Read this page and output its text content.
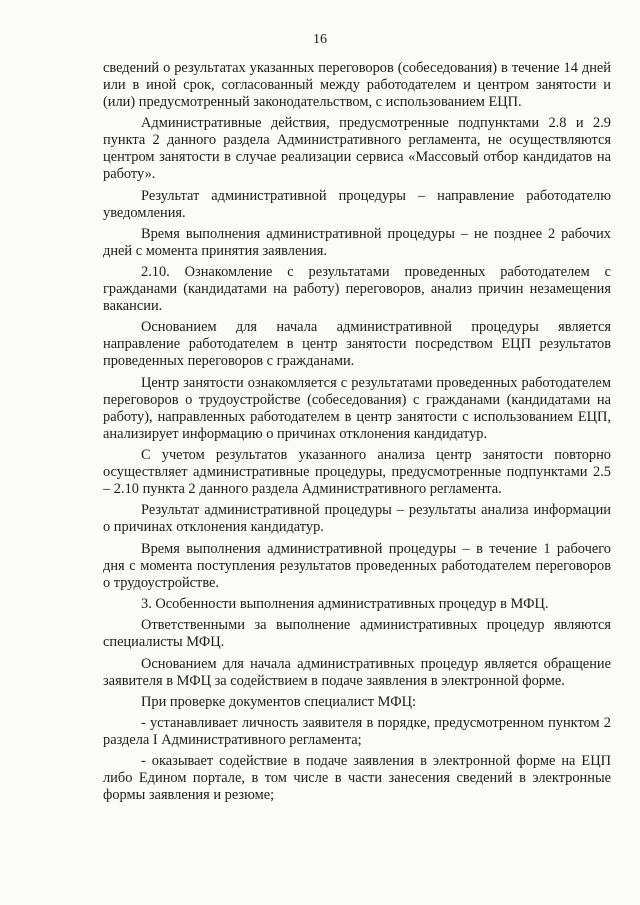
16

сведений о результатах указанных переговоров (собеседования) в течение 14 дней или в иной срок, согласованный между работодателем и центром занятости и (или) предусмотренный законодательством, с использованием ЕЦП.

Административные действия, предусмотренные подпунктами 2.8 и 2.9 пункта 2 данного раздела Административного регламента, не осуществляются центром занятости в случае реализации сервиса «Массовый отбор кандидатов на работу».

Результат административной процедуры – направление работодателю уведомления.

Время выполнения административной процедуры – не позднее 2 рабочих дней с момента принятия заявления.

2.10. Ознакомление с результатами проведенных работодателем с гражданами (кандидатами на работу) переговоров, анализ причин незамещения вакансии.

Основанием для начала административной процедуры является направление работодателем в центр занятости посредством ЕЦП результатов проведенных переговоров с гражданами.

Центр занятости ознакомляется с результатами проведенных работодателем переговоров о трудоустройстве (собеседования) с гражданами (кандидатами на работу), направленных работодателем в центр занятости с использованием ЕЦП, анализирует информацию о причинах отклонения кандидатур.

С учетом результатов указанного анализа центр занятости повторно осуществляет административные процедуры, предусмотренные подпунктами 2.5 – 2.10 пункта 2 данного раздела Административного регламента.

Результат административной процедуры – результаты анализа информации о причинах отклонения кандидатур.

Время выполнения административной процедуры – в течение 1 рабочего дня с момента поступления результатов проведенных работодателем переговоров о трудоустройстве.

3. Особенности выполнения административных процедур в МФЦ.

Ответственными за выполнение административных процедур являются специалисты МФЦ.

Основанием для начала административных процедур является обращение заявителя в МФЦ за содействием в подаче заявления в электронной форме.

При проверке документов специалист МФЦ:

- устанавливает личность заявителя в порядке, предусмотренном пунктом 2 раздела I Административного регламента;

- оказывает содействие в подаче заявления в электронной форме на ЕЦП либо Едином портале, в том числе в части занесения сведений в электронные формы заявления и резюме;
